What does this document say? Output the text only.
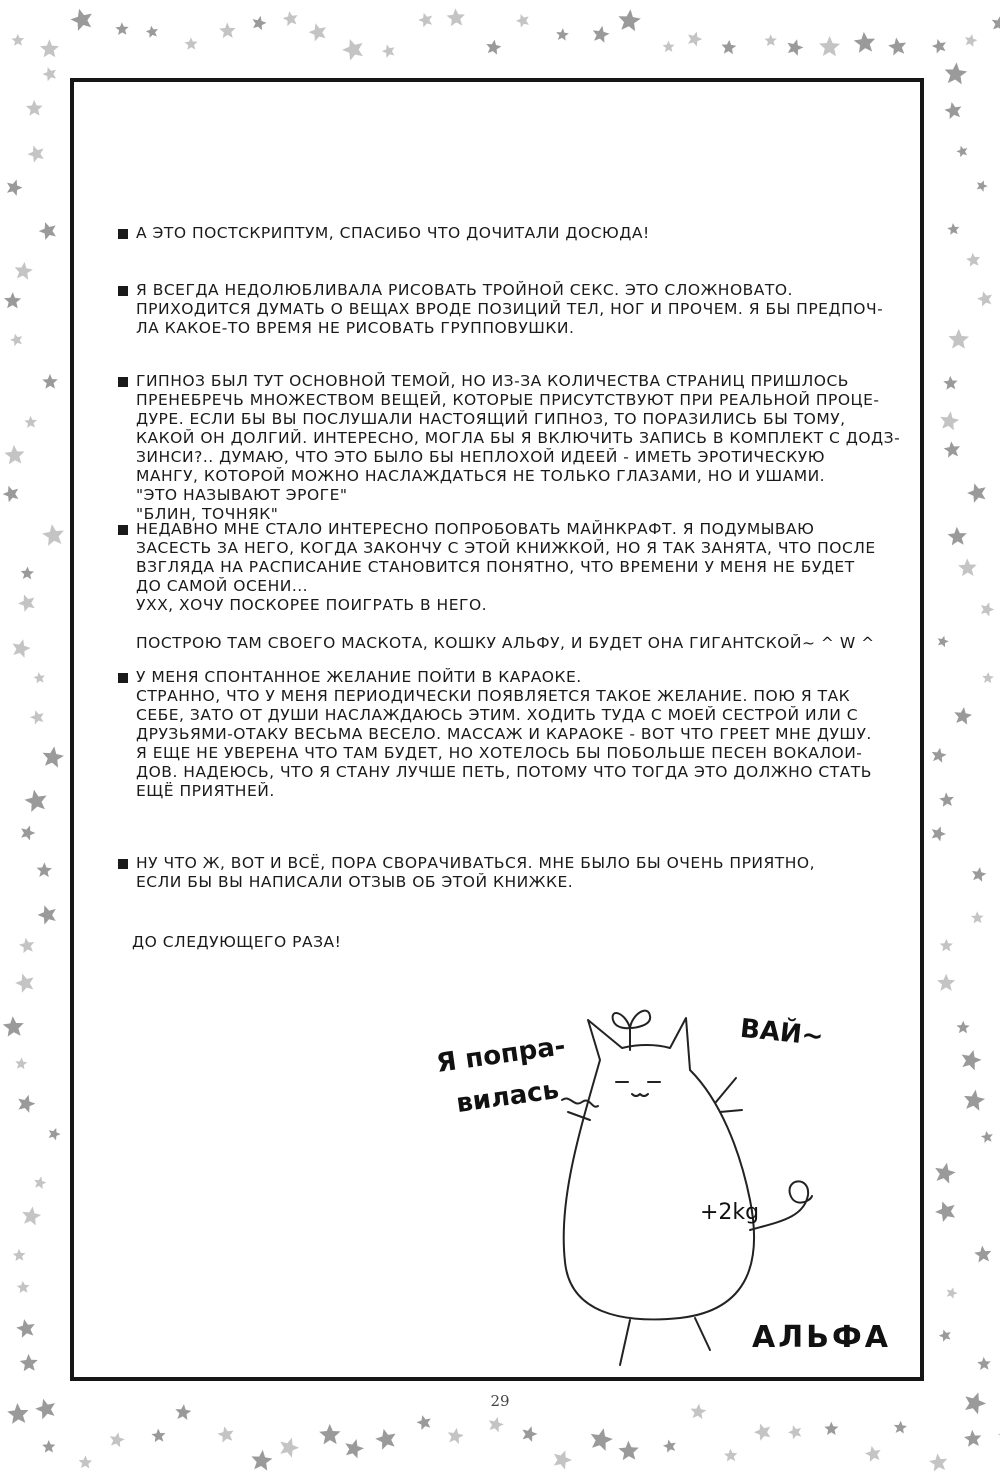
А ЭТО ПОСТСКРИПТУМ, СПАСИБО ЧТО ДОЧИТАЛИ ДОСЮДА!
Я ВСЕГДА НЕДОЛЮБЛИВАЛА РИСОВАТЬ ТРОЙНОЙ СЕКС. ЭТО СЛОЖНОВАТО.
ПРИХОДИТСЯ ДУМАТЬ О ВЕЩАХ ВРОДЕ ПОЗИЦИЙ ТЕЛ, НОГ И ПРОЧЕМ. Я БЫ ПРЕДПОЧ-
ЛА КАКОЕ-ТО ВРЕМЯ НЕ РИСОВАТЬ ГРУППОВУШКИ.
ГИПНОЗ БЫЛ ТУТ ОСНОВНОЙ ТЕМОЙ, НО ИЗ-ЗА КОЛИЧЕСТВА СТРАНИЦ ПРИШЛОСЬ
ПРЕНЕБРЕЧЬ МНОЖЕСТВОМ ВЕЩЕЙ, КОТОРЫЕ ПРИСУТСТВУЮТ ПРИ РЕАЛЬНОЙ ПРОЦЕ-
ДУРЕ. ЕСЛИ БЫ ВЫ ПОСЛУШАЛИ НАСТОЯЩИЙ ГИПНОЗ, ТО ПОРАЗИЛИСЬ БЫ ТОМУ,
КАКОЙ ОН ДОЛГИЙ. ИНТЕРЕСНО, МОГЛА БЫ Я ВКЛЮЧИТЬ ЗАПИСЬ В КОМПЛЕКТ С ДОДЗ-
ЗИНСИ?.. ДУМАЮ, ЧТО ЭТО БЫЛО БЫ НЕПЛОХОЙ ИДЕЕЙ - ИМЕТЬ ЭРОТИЧЕСКУЮ
МАНГУ, КОТОРОЙ МОЖНО НАСЛАЖДАТЬСЯ НЕ ТОЛЬКО ГЛАЗАМИ, НО И УШАМИ.
"ЭТО НАЗЫВАЮТ ЭРОГЕ"
"БЛИН, ТОЧНЯК"
НЕДАВНО МНЕ СТАЛО ИНТЕРЕСНО ПОПРОБОВАТЬ МАЙНКРАФТ. Я ПОДУМЫВАЮ
ЗАСЕСТЬ ЗА НЕГО, КОГДА ЗАКОНЧУ С ЭТОЙ КНИЖКОЙ, НО Я ТАК ЗАНЯТА, ЧТО ПОСЛЕ
ВЗГЛЯДА НА РАСПИСАНИЕ СТАНОВИТСЯ ПОНЯТНО, ЧТО ВРЕМЕНИ У МЕНЯ НЕ БУДЕТ
ДО САМОЙ ОСЕНИ...
УХХ, ХОЧУ ПОСКОРЕЕ ПОИГРАТЬ В НЕГО.
ПОСТРОЮ ТАМ СВОЕГО МАСКОТА, КОШКУ АЛЬФУ, И БУДЕТ ОНА ГИГАНТСКОЙ~ ^ W ^
У МЕНЯ СПОНТАННОЕ ЖЕЛАНИЕ ПОЙТИ В КАРАОКЕ.
СТРАННО, ЧТО У МЕНЯ ПЕРИОДИЧЕСКИ ПОЯВЛЯЕТСЯ ТАКОЕ ЖЕЛАНИЕ. ПОЮ Я ТАК
СЕБЕ, ЗАТО ОТ ДУШИ НАСЛАЖДАЮСЬ ЭТИМ. ХОДИТЬ ТУДА С МОЕЙ СЕСТРОЙ ИЛИ С
ДРУЗЬЯМИ-ОТАКУ ВЕСЬМА ВЕСЕЛО. МАССАЖ И КАРАОКЕ - ВОТ ЧТО ГРЕЕТ МНЕ ДУШУ.
Я ЕЩЕ НЕ УВЕРЕНА ЧТО ТАМ БУДЕТ, НО ХОТЕЛОСЬ БЫ ПОБОЛЬШЕ ПЕСЕН ВОКАЛОИ-
ДОВ. НАДЕЮСЬ, ЧТО Я СТАНУ ЛУЧШЕ ПЕТЬ, ПОТОМУ ЧТО ТОГДА ЭТО ДОЛЖНО СТАТЬ
ЕЩЁ ПРИЯТНЕЙ.
НУ ЧТО Ж, ВОТ И ВСЁ, ПОРА СВОРАЧИВАТЬСЯ. МНЕ БЫЛО БЫ ОЧЕНЬ ПРИЯТНО,
ЕСЛИ БЫ ВЫ НАПИСАЛИ ОТЗЫВ ОБ ЭТОЙ КНИЖКЕ.
ДО СЛЕДУЮЩЕГО РАЗА!
Я попра-
вилась
ВАЙ~
+2kg
АЛЬФА
29
